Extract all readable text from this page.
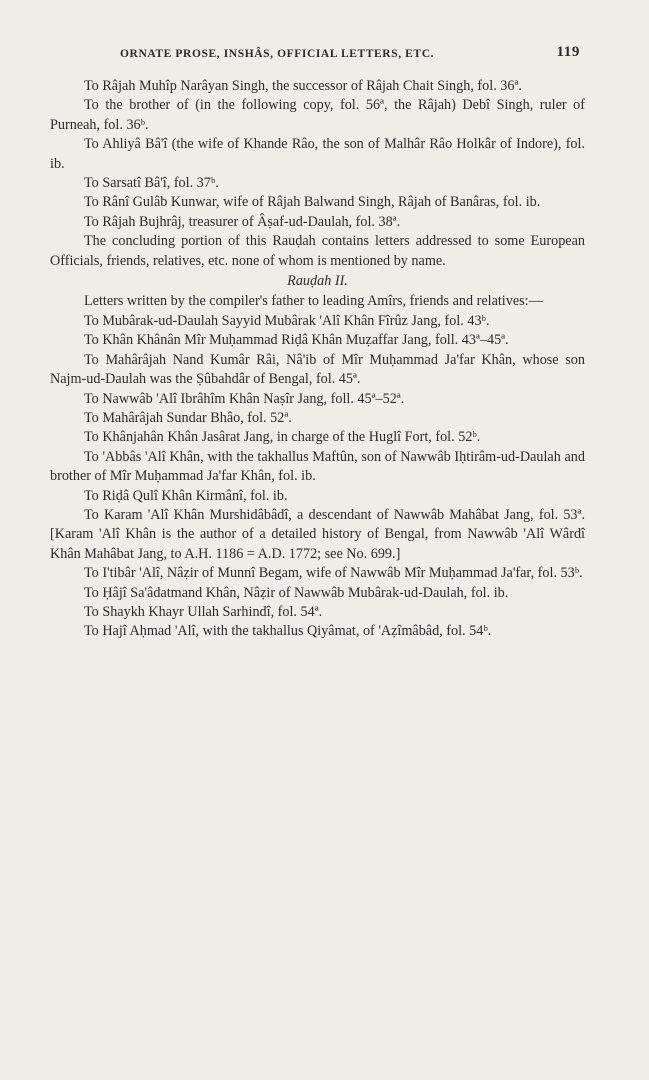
ORNATE PROSE, INSHÂS, OFFICIAL LETTERS, ETC.	119

To Râjah Muhîp Narâyan Singh, the successor of Râjah Chait Singh, fol. 36ª.

To the brother of (in the following copy, fol. 56ª, the Râjah) Debî Singh, ruler of Purneah, fol. 36ᵇ.

To Ahliyâ Bâ'î (the wife of Khande Râo, the son of Malhâr Râo Holkâr of Indore), fol. ib.

To Sarsatî Bâ'î, fol. 37ᵇ.

To Rânî Gulâb Kunwar, wife of Râjah Balwand Singh, Râjah of Banâras, fol. ib.

To Râjah Bujhrâj, treasurer of Âṣaf-ud-Daulah, fol. 38ª.

The concluding portion of this Rauḍah contains letters addressed to some European Officials, friends, relatives, etc. none of whom is mentioned by name.

Rauḍah II.

Letters written by the compiler's father to leading Amîrs, friends and relatives:—

To Mubârak-ud-Daulah Sayyid Mubârak 'Alî Khân Fîrûz Jang, fol. 43ᵇ.

To Khân Khânân Mîr Muḥammad Riḍâ Khân Muẓaffar Jang, foll. 43ª–45ª.

To Mahârâjah Nand Kumâr Râi, Nâ'ib of Mîr Muḥammad Ja'far Khân, whose son Najm-ud-Daulah was the Ṣûbahdâr of Bengal, fol. 45ª.

To Nawwâb 'Alî Ibrâhîm Khân Naṣîr Jang, foll. 45ª–52ª.

To Mahârâjah Sundar Bhâo, fol. 52ª.

To Khânjahân Khân Jasârat Jang, in charge of the Huglî Fort, fol. 52ᵇ.

To 'Abbâs 'Alî Khân, with the takhallus Maftûn, son of Nawwâb Iḥtirâm-ud-Daulah and brother of Mîr Muḥammad Ja'far Khân, fol. ib.

To Riḍâ Qulî Khân Kirmânî, fol. ib.

To Karam 'Alî Khân Murshidâbâdî, a descendant of Nawwâb Mahâbat Jang, fol. 53ª. [Karam 'Alî Khân is the author of a detailed history of Bengal, from Nawwâb 'Alî Wârdî Khân Mahâbat Jang, to A.H. 1186 = A.D. 1772; see No. 699.]

To I'tibâr 'Alî, Nâẓir of Munnî Begam, wife of Nawwâb Mîr Muḥammad Ja'far, fol. 53ᵇ.

To Ḥâjî Sa'âdatmand Khân, Nâẓir of Nawwâb Mubârak-ud-Daulah, fol. ib.

To Shaykh Khayr Ullah Sarhindî, fol. 54ª.

To Hajî Aḥmad 'Alî, with the takhallus Qiyâmat, of 'Aẓîmâbâd, fol. 54ᵇ.
